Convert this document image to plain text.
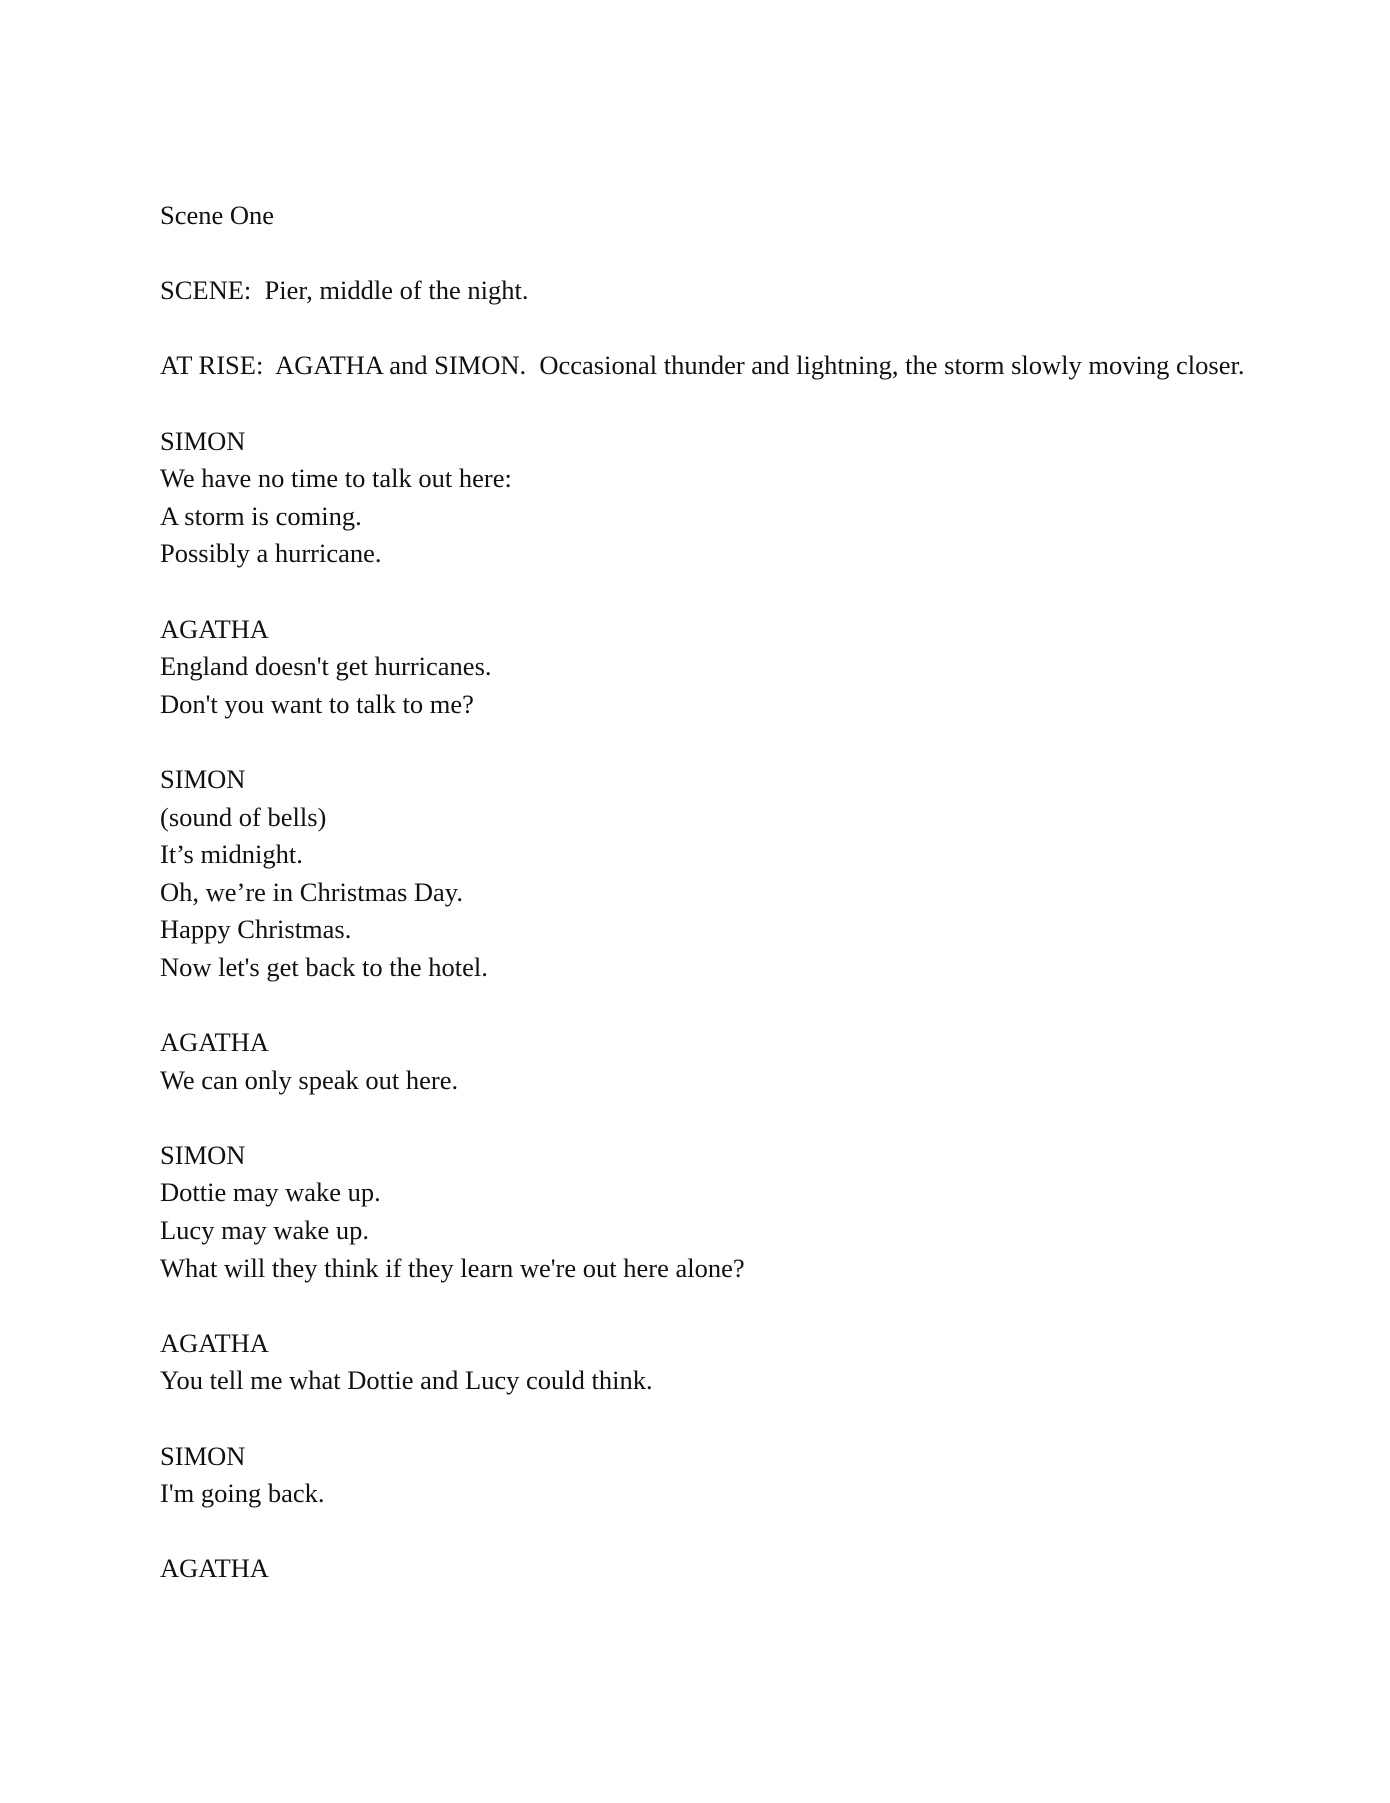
Scene One
SCENE:  Pier, middle of the night.
AT RISE:  AGATHA and SIMON.  Occasional thunder and lightning, the storm slowly moving closer.
SIMON
We have no time to talk out here:
A storm is coming.
Possibly a hurricane.
AGATHA
England doesn't get hurricanes.
Don't you want to talk to me?
SIMON
(sound of bells)
It’s midnight.
Oh, we’re in Christmas Day.
Happy Christmas.
Now let's get back to the hotel.
AGATHA
We can only speak out here.
SIMON
Dottie may wake up.
Lucy may wake up.
What will they think if they learn we're out here alone?
AGATHA
You tell me what Dottie and Lucy could think.
SIMON
I'm going back.
AGATHA
